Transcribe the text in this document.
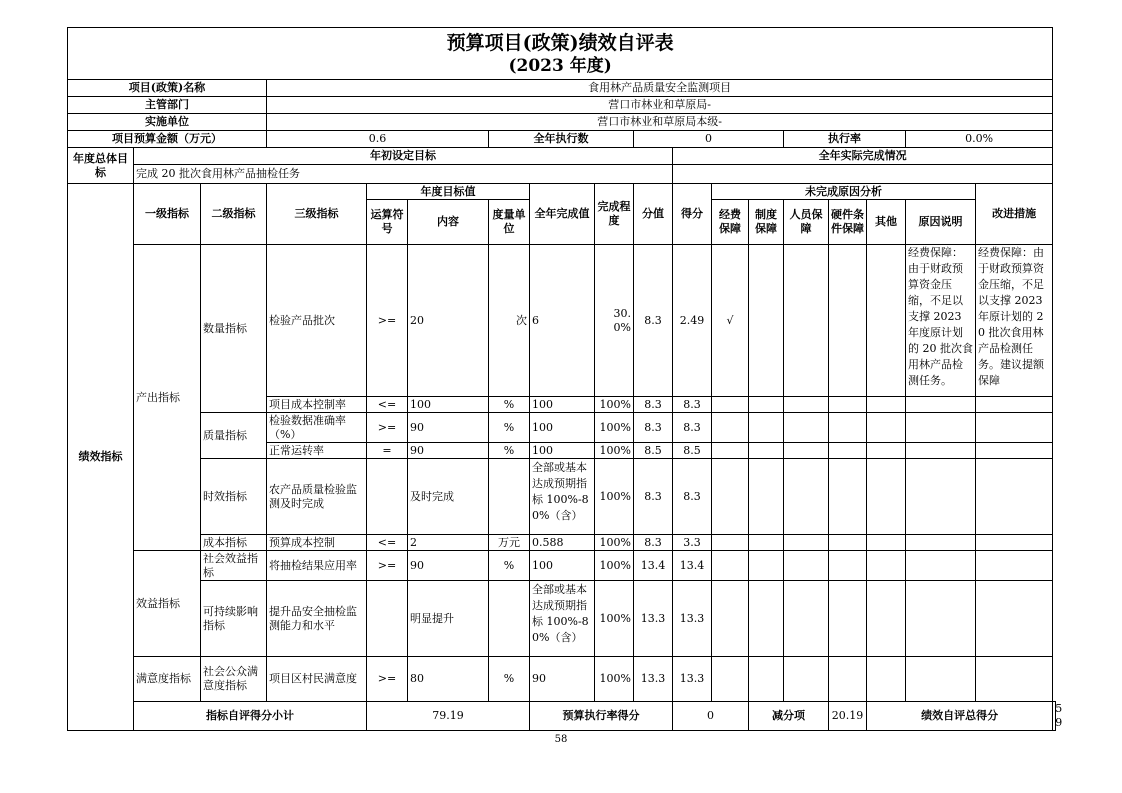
预算项目(政策)绩效自评表
(2023 年度)																		

项目(政策)名称			食用林产品质量安全监测项目															
主管部门			营口市林业和草原局-															
实施单位			营口市林业和草原局本级-															
项目预算金额（万元）			0.6			全年执行数			0				执行率			0.0%		
年度总体目标	年初设定目标									全年实际完成情况								
	完成 20 批次食用林产品抽检任务																	
绩效指标	一级指标	二级指标	三级指标	年度目标值			全年完成值	完成程度	分值	得分	未完成原因分析						改进措施	
				运算符号	内容	度量单位					经费保障	制度保障	人员保障	硬件条件保障	其他	原因说明		
	产出指标	数量指标	检验产品批次	>=	20	次	6	30.0%	8.3	2.49	√					经费保障：由于财政预算资金压缩，不足以支撑 2023 年度原计划的 20 批次食用林产品检测任务。	经费保障：由于财政预算资金压缩，不足以支撑 2023 年原计划的 20 批次食用林产品检测任务。建议提额保障	

			项目成本控制率	<=	100	%	100	100%	8.3	8.3								
		质量指标	检验数据准确率（%）	>=	90	%	100	100%	8.3	8.3								
			正常运转率	=	90	%	100	100%	8.5	8.5								
		时效指标	农产品质量检验监测及时完成		及时完成		全部或基本达成预期指标 100%-80%（含）	100%	8.3	8.3								
		成本指标	预算成本控制	<=	2	万元	0.588	100%	8.3	3.3								
	效益指标	社会效益指标	将抽检结果应用率	>=	90	%	100	100%	13.4	13.4								
		可持续影响指标	提升品安全抽检监测能力和水平		明显提升		全部或基本达成预期指标 100%-80%（含）	100%	13.3	13.3								
	满意度指标	社会公众满意度指标	项目区村民满意度	>=	80	%	90	100%	13.3	13.3								
	指标自评得分小计			79.19			预算执行率得分			0		减分项		20.19	绩效自评总得分			59
58
